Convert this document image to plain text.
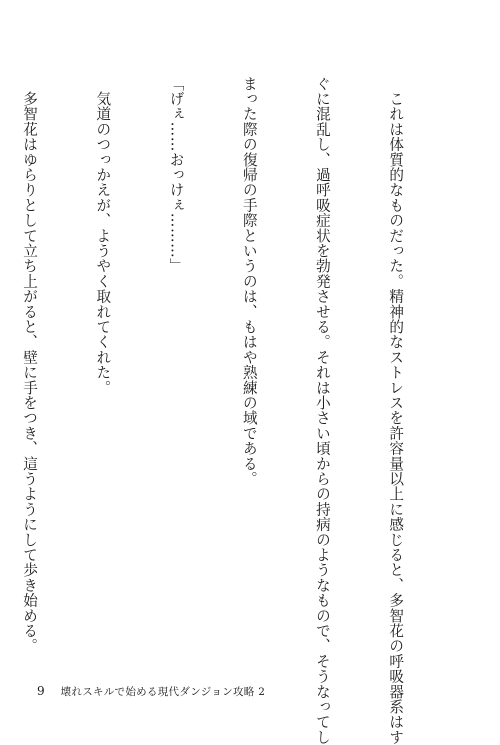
　これは体質的なものだった。精神的なストレスを許容量以上に感じると、多智花の呼吸器系はす

ぐに混乱し、過呼吸症状を勃発させる。それは小さい頃からの持病のようなもので、そうなってし

まった際の復帰の手際というのは、もはや熟練の域である。

「げぇ……おっけぇ………」

　気道のつっかえが、ようやく取れてくれた。

　多智花はゆらりとして立ち上がると、壁に手をつき、這うようにして歩き始める。

9 壊れスキルで始める現代ダンジョン攻略 2
